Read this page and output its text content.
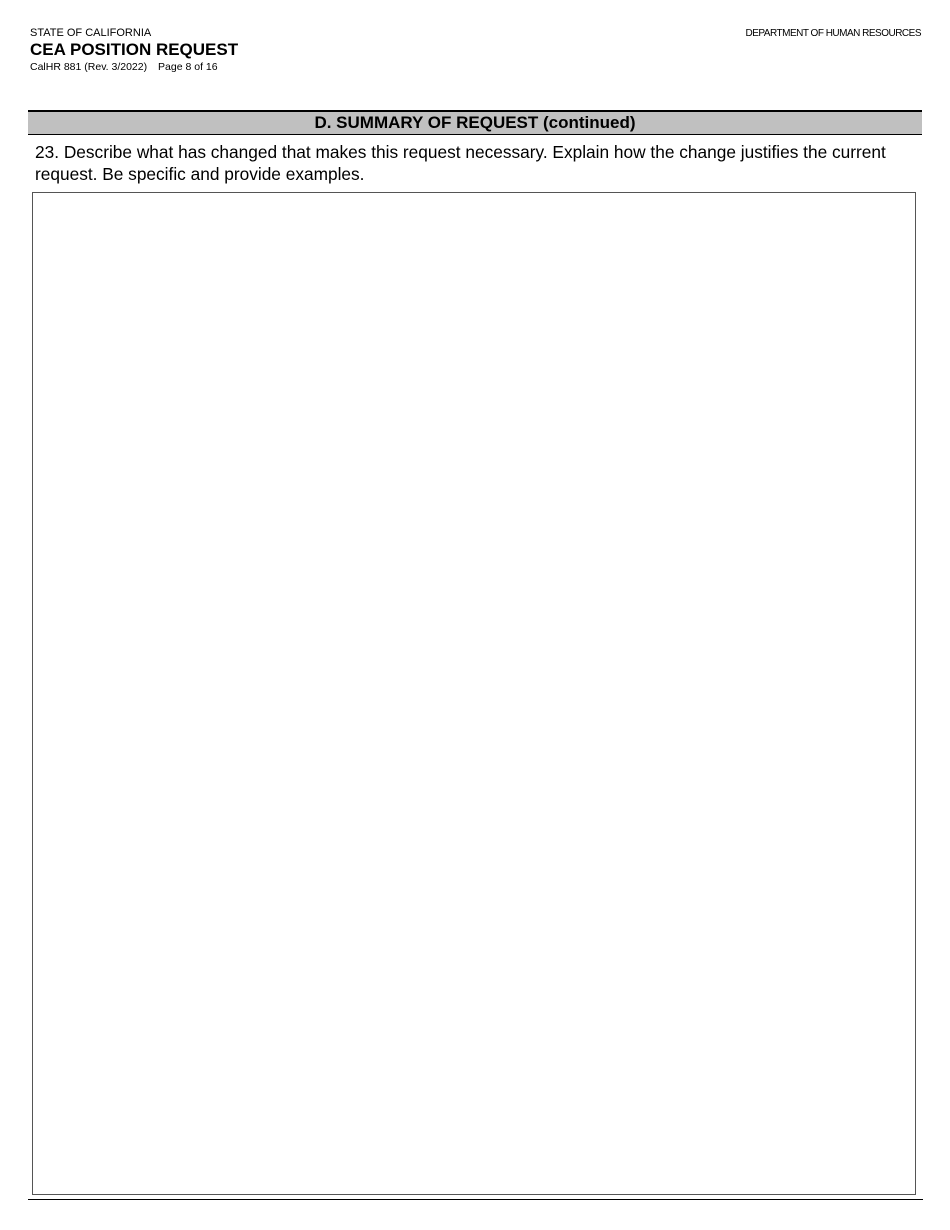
STATE OF CALIFORNIA
CEA POSITION REQUEST
CalHR 881 (Rev. 3/2022) Page 8 of 16
DEPARTMENT OF HUMAN RESOURCES
D. SUMMARY OF REQUEST (continued)
23. Describe what has changed that makes this request necessary. Explain how the change justifies the current request. Be specific and provide examples.
